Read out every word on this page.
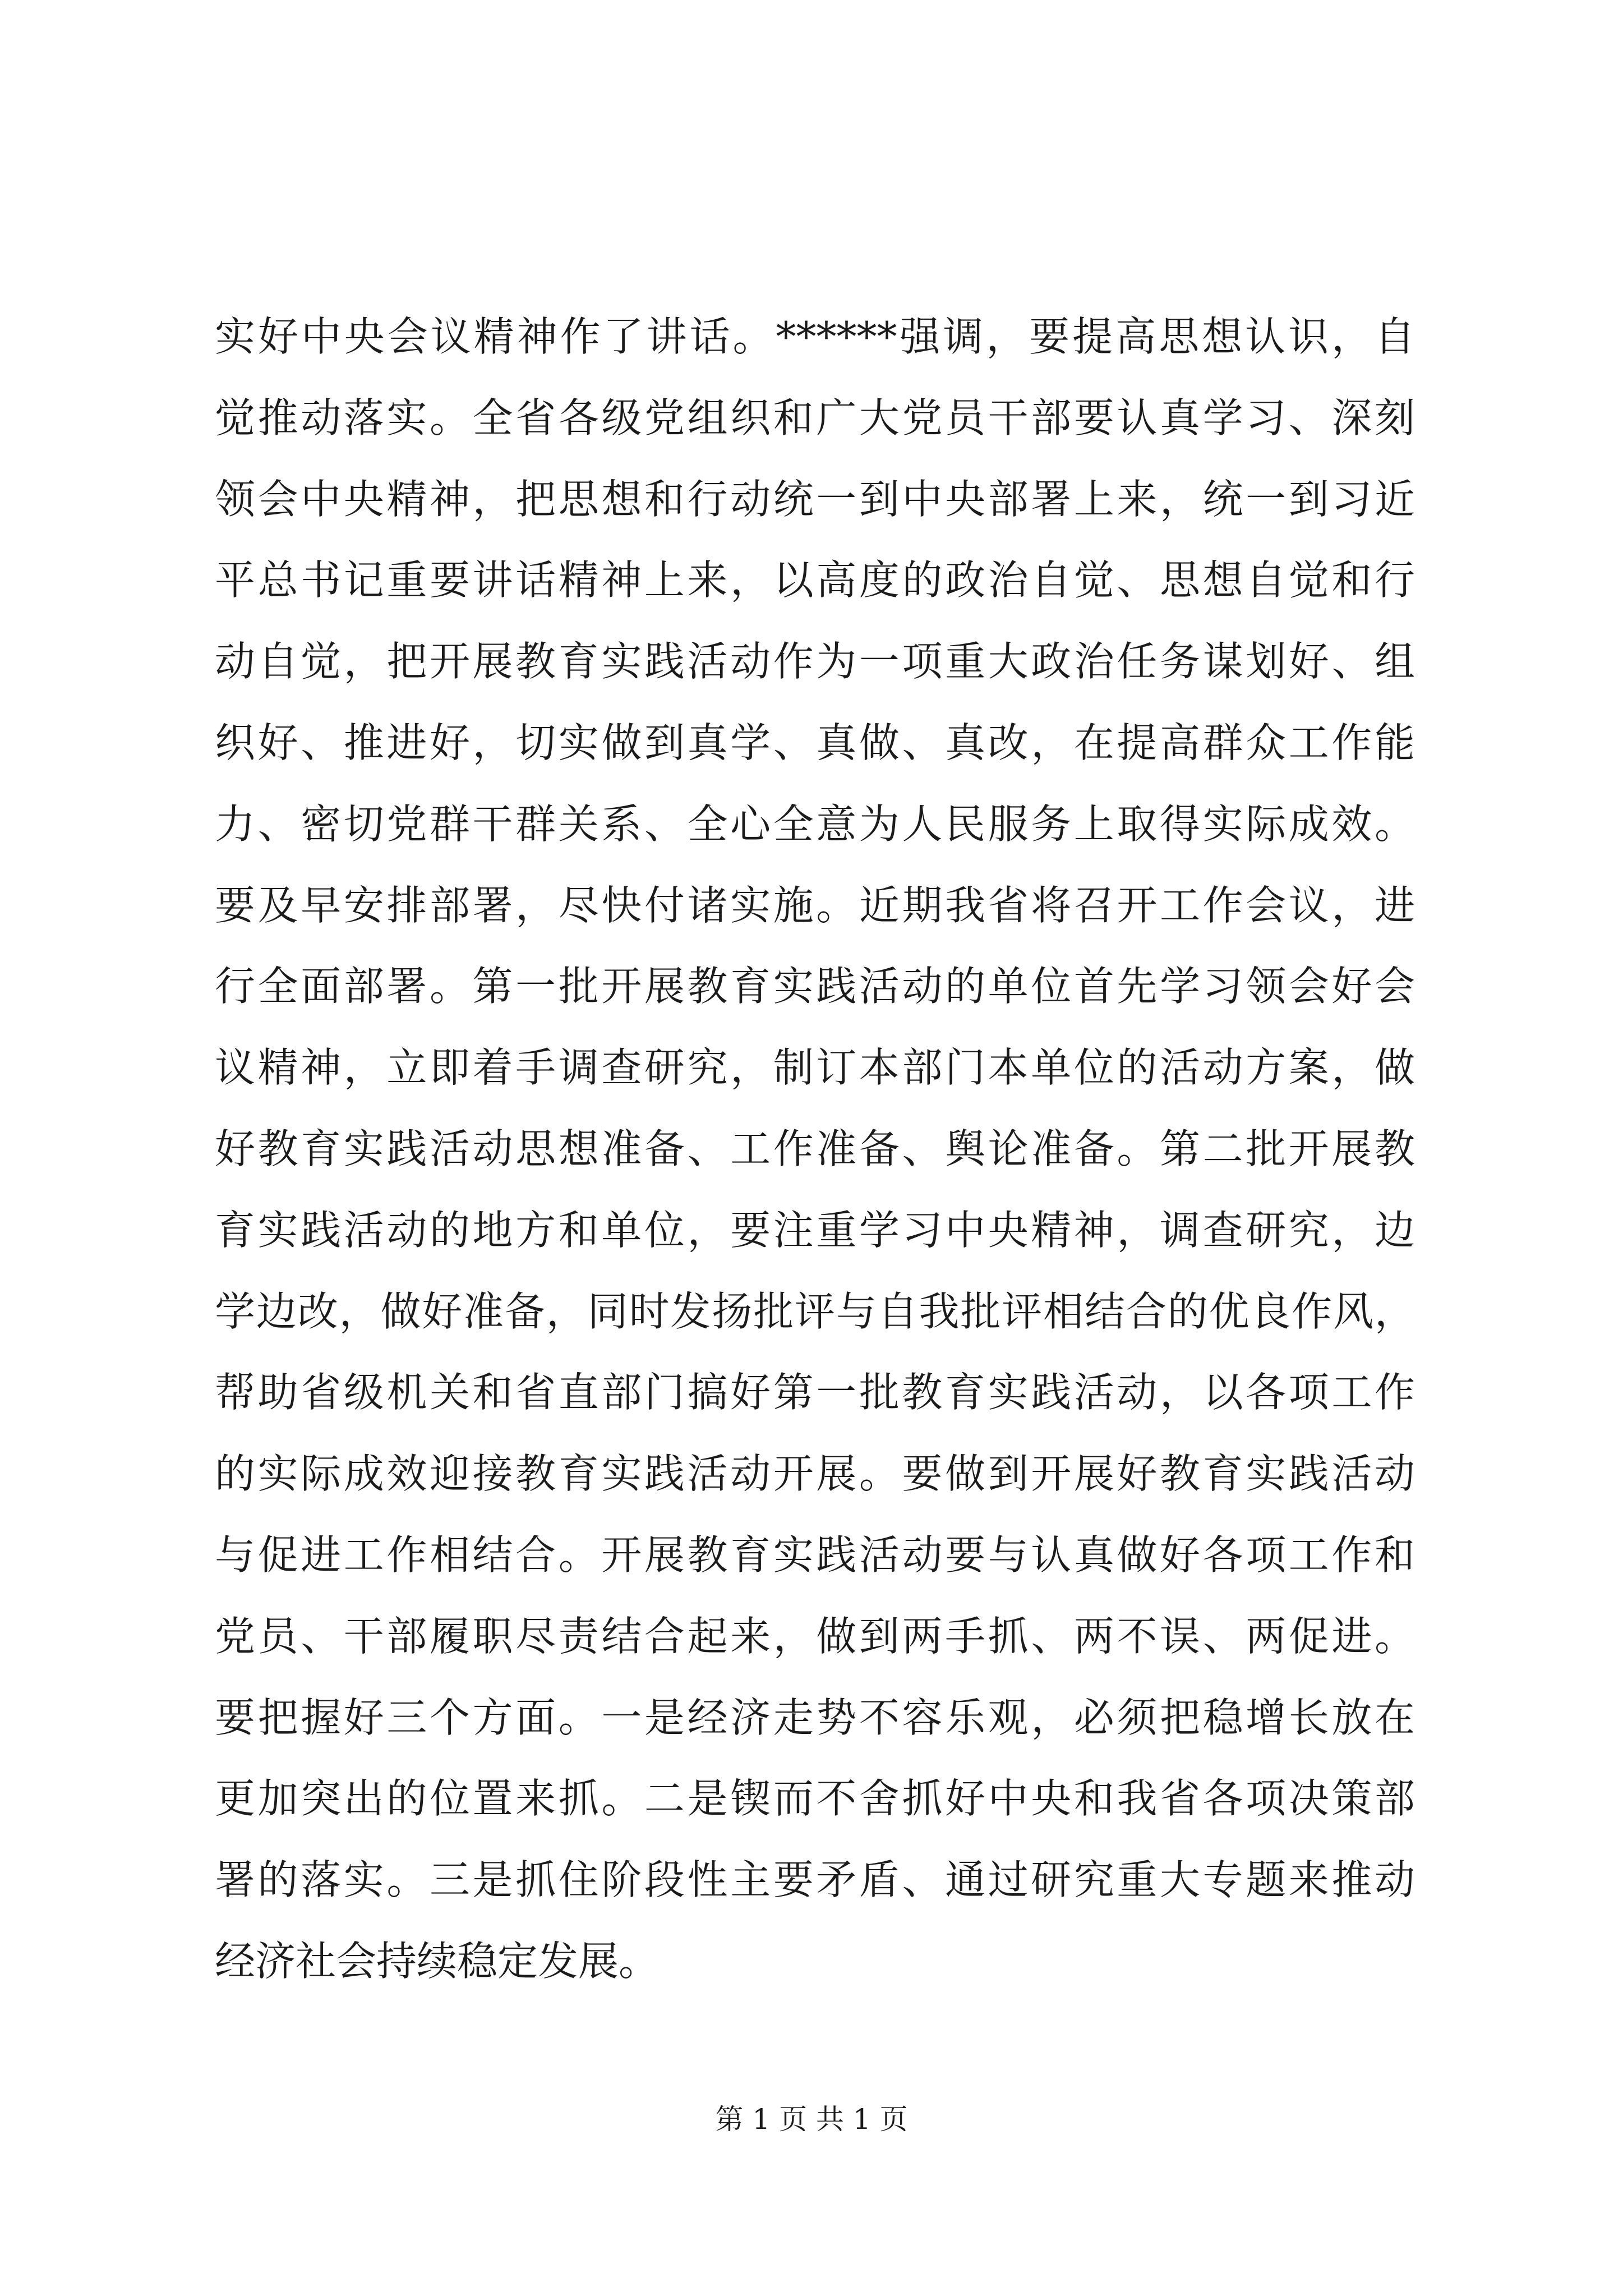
实好中央会议精神作了讲话。******强调，要提高思想认识，自
觉推动落实。全省各级党组织和广大党员干部要认真学习、深刻
领会中央精神，把思想和行动统一到中央部署上来，统一到习近
平总书记重要讲话精神上来，以高度的政治自觉、思想自觉和行
动自觉，把开展教育实践活动作为一项重大政治任务谋划好、组
织好、推进好，切实做到真学、真做、真改，在提高群众工作能
力、密切党群干群关系、全心全意为人民服务上取得实际成效。
要及早安排部署，尽快付诸实施。近期我省将召开工作会议，进
行全面部署。第一批开展教育实践活动的单位首先学习领会好会
议精神，立即着手调查研究，制订本部门本单位的活动方案，做
好教育实践活动思想准备、工作准备、舆论准备。第二批开展教
育实践活动的地方和单位，要注重学习中央精神，调查研究，边
学边改，做好准备，同时发扬批评与自我批评相结合的优良作风，
帮助省级机关和省直部门搞好第一批教育实践活动，以各项工作
的实际成效迎接教育实践活动开展。要做到开展好教育实践活动
与促进工作相结合。开展教育实践活动要与认真做好各项工作和
党员、干部履职尽责结合起来，做到两手抓、两不误、两促进。
要把握好三个方面。一是经济走势不容乐观，必须把稳增长放在
更加突出的位置来抓。二是锲而不舍抓好中央和我省各项决策部
署的落实。三是抓住阶段性主要矛盾、通过研究重大专题来推动
经济社会持续稳定发展。
第 1 页 共 1 页
